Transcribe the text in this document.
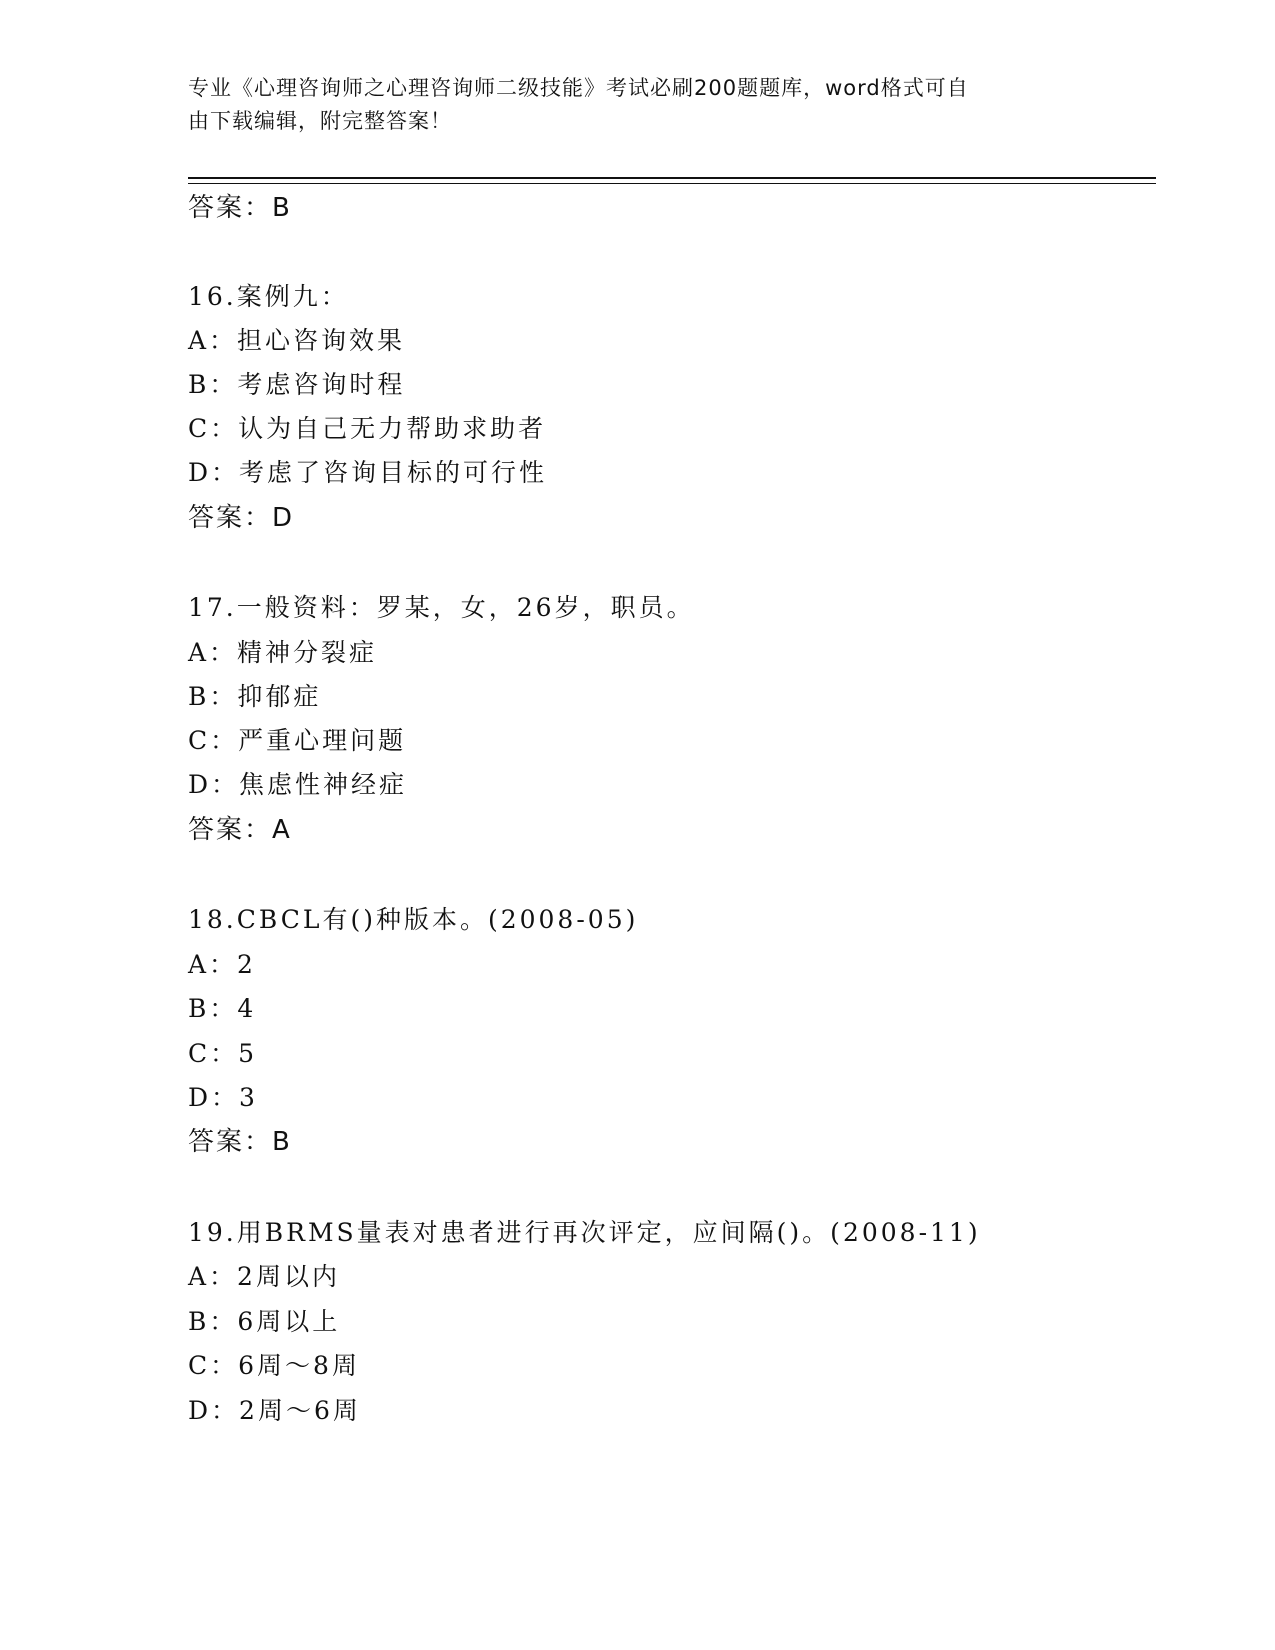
专业《心理咨询师之心理咨询师二级技能》考试必刷200题题库，word格式可自
由下载编辑，附完整答案！
答案：B
16.案例九：
A：担心咨询效果
B：考虑咨询时程
C：认为自己无力帮助求助者
D：考虑了咨询目标的可行性
答案：D
17.一般资料：罗某，女，26岁，职员。
A：精神分裂症
B：抑郁症
C：严重心理问题
D：焦虑性神经症
答案：A
18.CBCL有()种版本。(2008-05)
A：2
B：4
C：5
D：3
答案：B
19.用BRMS量表对患者进行再次评定，应间隔()。(2008-11)
A：2周以内
B：6周以上
C：6周～8周
D：2周～6周
